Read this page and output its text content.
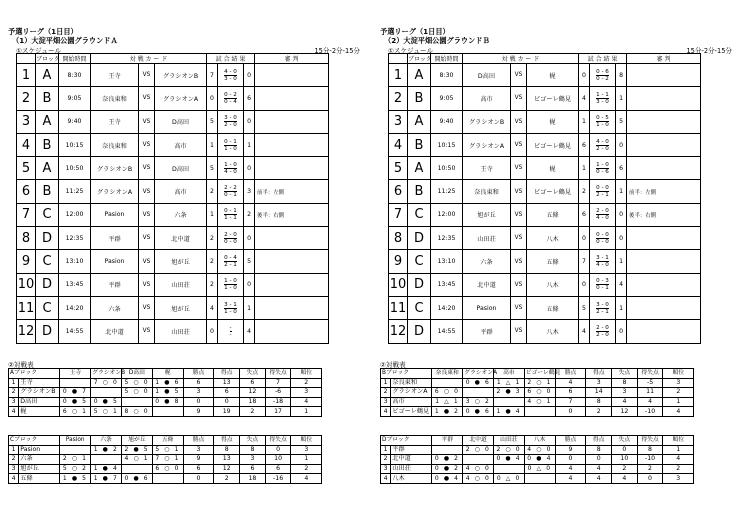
予選リーグ（1日目）
（1）大淀平畑公園グラウンドＡ
①スケジュール	15分-2分-15分
	ブロック	開始時間	対 戦 カ ー ド			試 合 結 果			審 判
1	A	8:30	王寺	VS	グラシオンB	7	4 - 0
3 - 0	0	
2	B	9:05	奈良東和	VS	グラシオンA	0	0 - 2
0 - 4	6	
3	A	9:40	王寺	VS	D高田	5	3 - 0
2 - 0	0	
4	B	10:15	奈良東和	VS	高市	1	0 - 1
1 - 0	1	
5	A	10:50	グラシオンB	VS	D高田	5	1 - 0
4 - 0	0	
6	B	11:25	グラシオンA	VS	高市	2	2 - 2
0 - 1	3	前半：左側
7	C	12:00	Pasion	VS	六条	1	0 - 1
1 - 1	2	後半：右側
8	D	12:35	平群	VS	北中道	2	2 - 0
0 - 0	0	
9	C	13:10	Pasion	VS	旭が丘	2	0 - 4
2 - 1	5	
10	D	13:45	平群	VS	山田荘	2	1 - 0
1 - 0	0	
11	C	14:20	六条	VS	旭が丘	4	3 - 1
1 - 0	1	
12	D	14:55	北中道	VS	山田荘	0	-
-	4	
予選リーグ（1日目）
（2）大淀平畑公園グラウンドＢ
①スケジュール	15分-2分-15分
	ブロック	開始時間	対 戦 カ ー ド			試 合 結 果			審 判
1	A	8:30	D高田	VS	梶	0	0 - 6
0 - 2	8	
2	B	9:05	高市	VS	ビゴーレ鶴見	4	1 - 1
3 - 0	1	
3	A	9:40	グラシオンB	VS	梶	1	0 - 5
1 - 0	5	
4	B	10:15	グラシオンA	VS	ビゴーレ鶴見	6	4 - 0
2 - 0	0	
5	A	10:50	王寺	VS	梶	1	1 - 0
0 - 6	6	
6	B	11:25	奈良東和	VS	ビゴーレ鶴見	2	0 - 0
2 - 1	1	前半：左側
7	C	12:00	旭が丘	VS	五條	6	2 - 0
4 - 0	0	後半：右側
8	D	12:35	山田荘	VS	八木	0	0 - 0
0 - 0	0	
9	C	13:10	六条	VS	五條	7	3 - 1
4 - 0	1	
10	D	13:45	北中道	VS	八木	0	0 - 3
0 - 1	4	
11	C	14:20	Pasion	VS	五條	5	3 - 0
2 - 1	1	
12	D	14:55	平群	VS	八木	4	2 - 0
2 - 0	0	
②対戦表
Aブロック		王寺	グラシオンB	D高田	梶	勝点	得点	失点	得失点	順位
1	王寺		7 ○ 0	5 ○ 0	1 ● 6	6	13	6	7	2
2	グラシオンB	0 ● 7		5 ○ 0	1 ● 5	3	6	12	-6	3
3	D高田	0 ● 5	0 ● 5		0 ● 8	0	0	18	-18	4
4	梶	6 ○ 1	5 ○ 1	8 ○ 0		9	19	2	17	1
Cブロック		Pasion	六条	旭が丘	五條	勝点	得点	失点	得失点	順位
1	Pasion		1 ● 2	2 ● 5	5 ○ 1	3	8	8	0	3
2	六条	2 ○ 1		4 ○ 1	7 ○ 1	9	13	3	10	1
3	旭が丘	5 ○ 2	1 ● 4		6 ○ 0	6	12	6	6	2
4	五條	1 ● 5	1 ● 7	0 ● 6		0	2	18	-16	4
②対戦表
Bブロック		奈良東和	グラシオンA	高市	ビゴーレ鶴見	勝点	得点	失点	得失点	順位
1	奈良東和		0 ● 6	1 △ 1	2 ○ 1	4	3	8	-5	3
2	グラシオンA	6 ○ 0		2 ● 3	6 ○ 0	6	14	3	11	2
3	高市	1 △ 1	3 ○ 2		4 ○ 1	7	8	4	4	1
4	ビゴーレ鶴見	1 ● 2	0 ● 6	1 ● 4		0	2	12	-10	4
Dブロック		平群	北中道	山田荘	八木	勝点	得点	失点	得失点	順位
1	平群		2 ○ 0	2 ○ 0	4 ○ 0	9	8	0	8	1
2	北中道	0 ● 2		0 ● 4	0 ● 4	0	0	10	-10	4
3	山田荘	0 ● 2	4 ○ 0		0 △ 0	4	4	2	2	2
4	八木	0 ● 4	4 ○ 0	0 △ 0		4	4	4	0	3
